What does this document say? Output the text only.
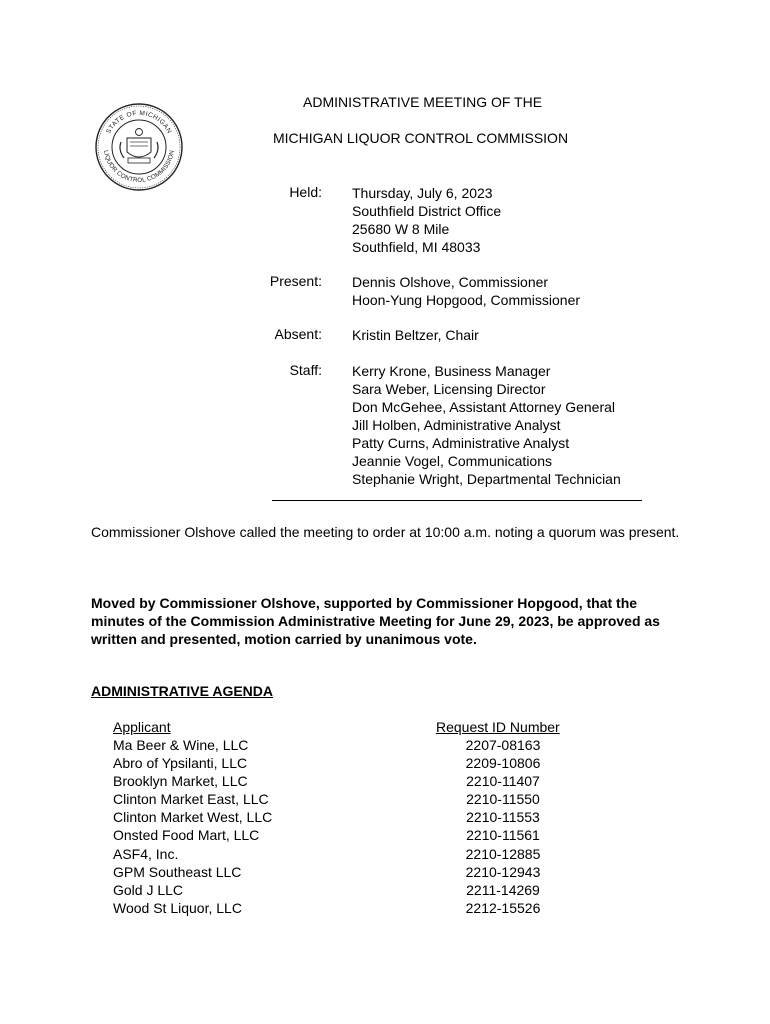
STATE OF MICHIGAN
LIQUOR CONTROL COMMISSION
ADMINISTRATIVE MEETING OF THE
MICHIGAN LIQUOR CONTROL COMMISSION
Held: Thursday, July 6, 2023
Southfield District Office
25680 W 8 Mile
Southfield, MI 48033
Present: Dennis Olshove, Commissioner
Hoon-Yung Hopgood, Commissioner
Absent: Kristin Beltzer, Chair
Staff: Kerry Krone, Business Manager
Sara Weber, Licensing Director
Don McGehee, Assistant Attorney General
Jill Holben, Administrative Analyst
Patty Curns, Administrative Analyst
Jeannie Vogel, Communications
Stephanie Wright, Departmental Technician
Commissioner Olshove called the meeting to order at 10:00 a.m. noting a quorum was present.
Moved by Commissioner Olshove, supported by Commissioner Hopgood, that the minutes of the Commission Administrative Meeting for June 29, 2023, be approved as written and presented, motion carried by unanimous vote.
ADMINISTRATIVE AGENDA
Applicant	Request ID Number
Ma Beer & Wine, LLC
Abro of Ypsilanti, LLC
Brooklyn Market, LLC
Clinton Market East, LLC
Clinton Market West, LLC
Onsted Food Mart, LLC
ASF4, Inc.
GPM Southeast LLC
Gold J LLC
Wood St Liquor, LLC
2207-08163
2209-10806
2210-11407
2210-11550
2210-11553
2210-11561
2210-12885
2210-12943
2211-14269
2212-15526
